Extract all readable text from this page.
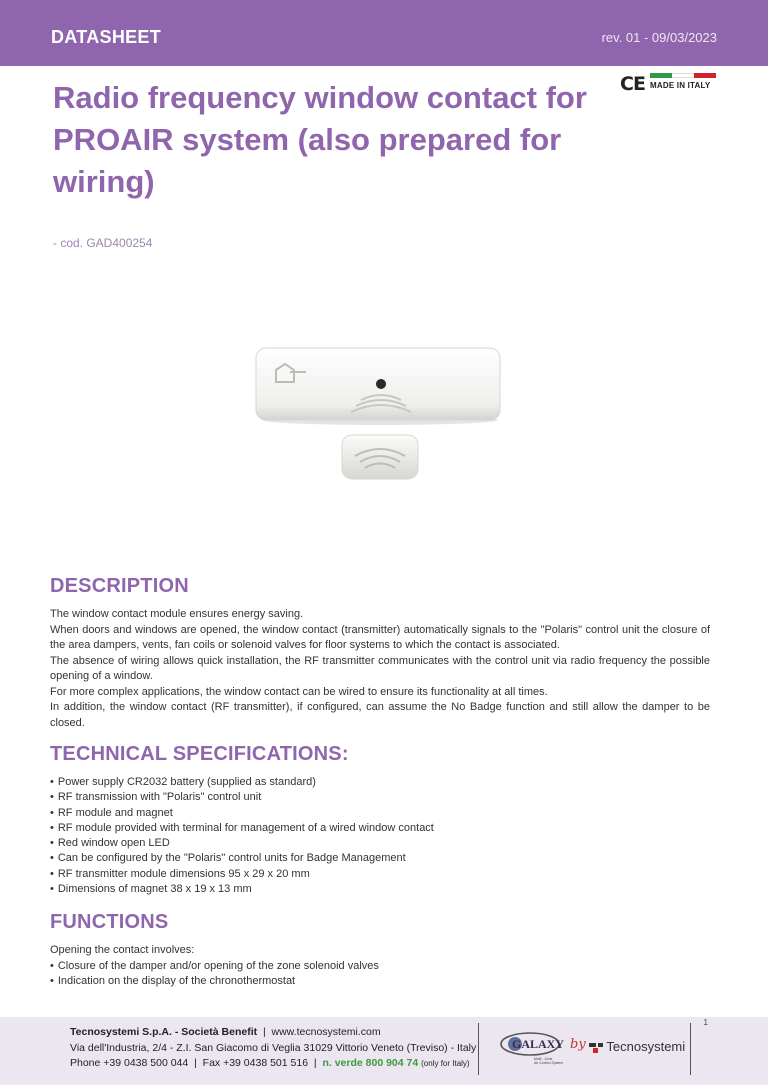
DATASHEET	rev. 01 - 09/03/2023
CE MADE IN ITALY
Radio frequency window contact for PROAIR system (also prepared for wiring)
- cod. GAD400254
DESCRIPTION

The window contact module ensures energy saving.

When doors and windows are opened, the window contact (transmitter) automatically signals to the "Polaris" control unit the closure of the area dampers, vents, fan coils or solenoid valves for floor systems to which the contact is associated.

The absence of wiring allows quick installation, the RF transmitter communicates with the control unit via radio frequency the possible opening of a window.

For more complex applications, the window contact can be wired to ensure its functionality at all times.

In addition, the window contact (RF transmitter), if configured, can assume the No Badge function and still allow the damper to be closed.

TECHNICAL SPECIFICATIONS:
• Power supply CR2032 battery (supplied as standard)
• RF transmission with "Polaris" control unit
• RF module and magnet
• RF module provided with terminal for management of a wired window contact
• Red window open LED
• Can be configured by the "Polaris" control units for Badge Management
• RF transmitter module dimensions 95 x 29 x 20 mm
• Dimensions of magnet 38 x 19 x 13 mm
FUNCTIONS
Opening the contact involves:
• Closure of the damper and/or opening of the zone solenoid valves
• Indication on the display of the chronothermostat
Tecnosystemi S.p.A. - Società Benefit  |  www.tecnosystemi.com
Via dell'Industria, 2/4 - Z.I. San Giacomo di Veglia 31029 Vittorio Veneto (Treviso) - Italy
Phone +39 0438 500 044  |  Fax +39 0438 501 516  |  n. verde 800 904 74 (only for Italy)
GALAXY
Multi - Zone
Air Control System
by	Tecnosystemi
1
